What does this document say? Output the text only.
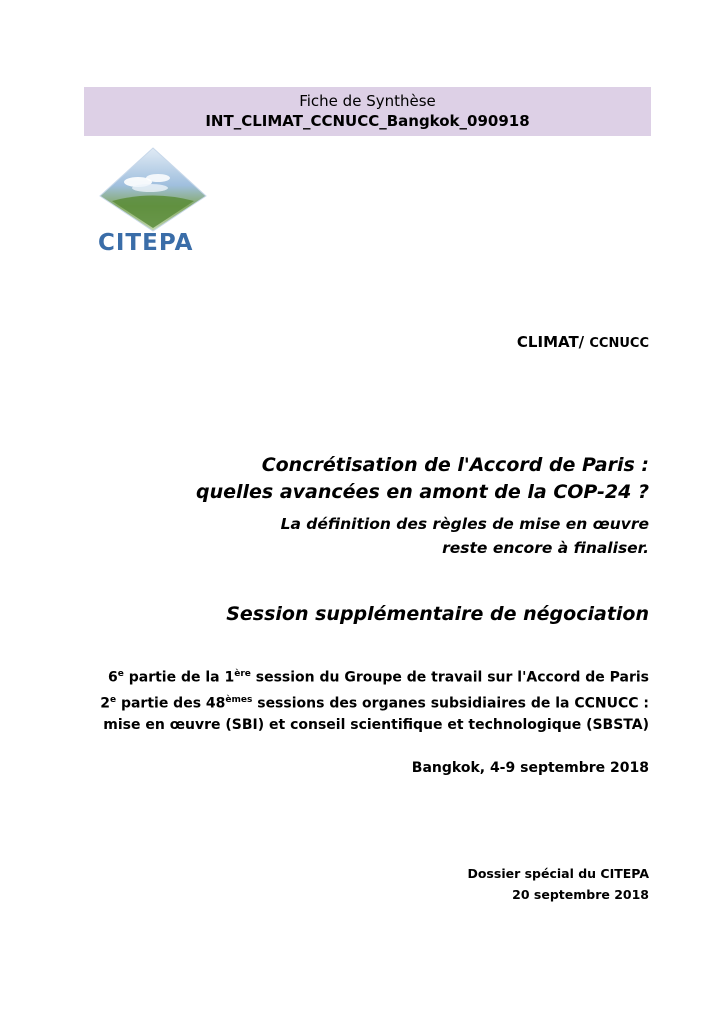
Fiche de Synthèse
INT_CLIMAT_CCNUCC_Bangkok_090918
CITEPA
CLIMAT/ CCNUCC
Concrétisation de l'Accord de Paris :
quelles avancées en amont de la COP-24 ?
La définition des règles de mise en œuvre
reste encore à finaliser.
Session supplémentaire de négociation
6e partie de la 1ère session du Groupe de travail sur l'Accord de Paris
2e partie des 48èmes sessions des organes subsidiaires de la CCNUCC :
mise en œuvre (SBI) et conseil scientifique et technologique (SBSTA)
Bangkok, 4-9 septembre 2018
Dossier spécial du CITEPA
20 septembre 2018
